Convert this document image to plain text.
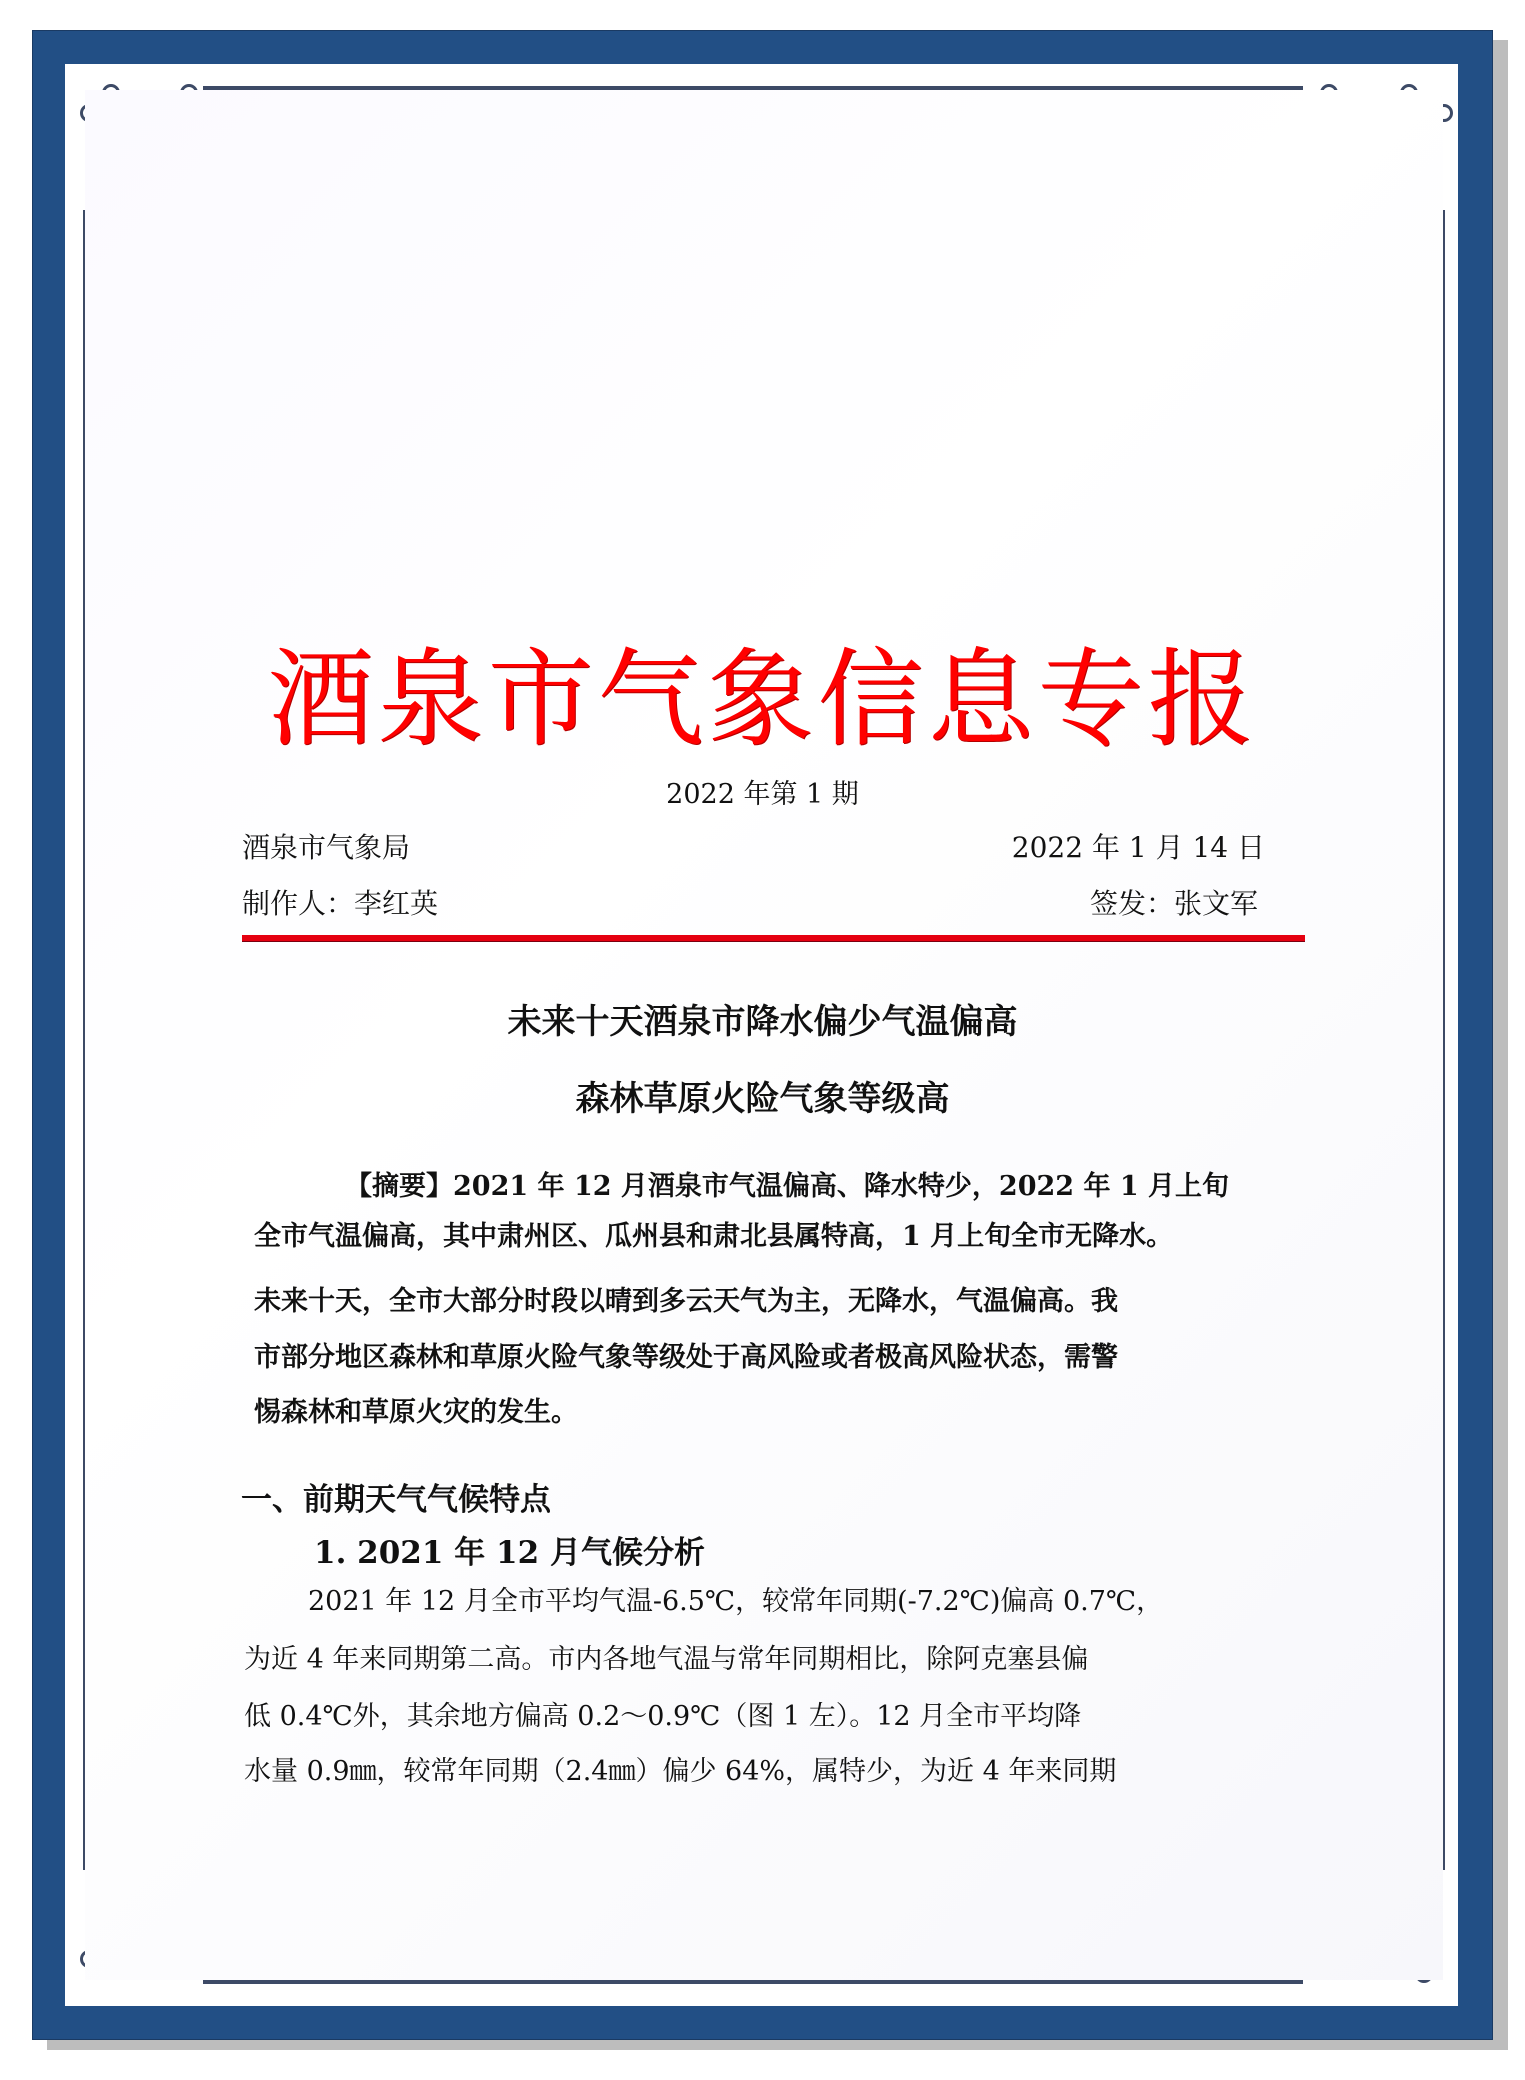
酒泉市气象信息专报
2022 年第 1 期
酒泉市气象局	2022 年 1 月 14 日
制作人：李红英	签发：张文军
未来十天酒泉市降水偏少气温偏高
森林草原火险气象等级高
【摘要】2021 年 12 月酒泉市气温偏高、降水特少，2022 年 1 月上旬
全市气温偏高，其中肃州区、瓜州县和肃北县属特高，1 月上旬全市无降水。
未来十天，全市大部分时段以晴到多云天气为主，无降水，气温偏高。我
市部分地区森林和草原火险气象等级处于高风险或者极高风险状态，需警
惕森林和草原火灾的发生。
一、前期天气气候特点
1. 2021 年 12 月气候分析
2021 年 12 月全市平均气温-6.5℃，较常年同期(-7.2℃)偏高 0.7℃，
为近 4 年来同期第二高。市内各地气温与常年同期相比，除阿克塞县偏
低 0.4℃外，其余地方偏高 0.2～0.9℃（图 1 左）。12 月全市平均降
水量 0.9㎜，较常年同期（2.4㎜）偏少 64%，属特少，为近 4 年来同期
